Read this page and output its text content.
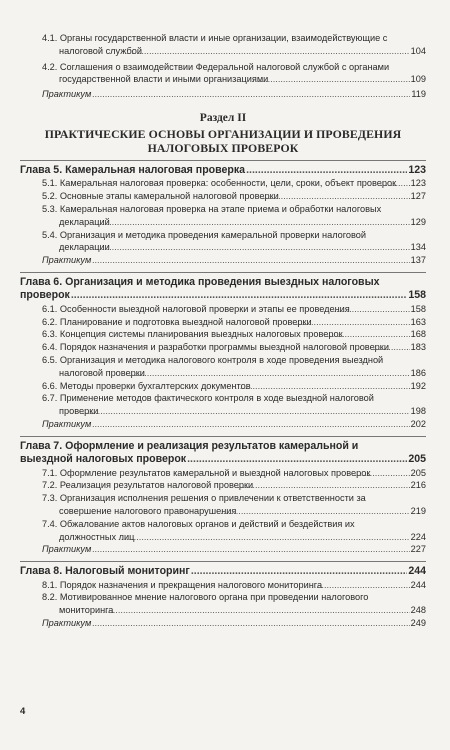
4.1. Органы государственной власти и иные организации, взаимодействующие с налоговой службой .....	104
4.2. Соглашения о взаимодействии Федеральной налоговой службой с органами государственной власти и иными организациями .....	109
Практикум .....	119
Раздел II
ПРАКТИЧЕСКИЕ ОСНОВЫ ОРГАНИЗАЦИИ И ПРОВЕДЕНИЯ НАЛОГОВЫХ ПРОВЕРОК
Глава 5. Камеральная налоговая проверка .....	123
5.1. Камеральная налоговая проверка: особенности, цели, сроки, объект проверок .....	123
5.2. Основные этапы камеральной налоговой проверки .....	127
5.3. Камеральная налоговая проверка на этапе приема и обработки налоговых деклараций .....	129
5.4. Организация и методика проведения камеральной проверки налоговой декларации .....	134
Практикум .....	137
Глава 6. Организация и методика проведения выездных налоговых проверок .....	158
6.1. Особенности выездной налоговой проверки и этапы ее проведения .....	158
6.2. Планирование и подготовка выездной налоговой проверки .....	163
6.3. Концепция системы планирования выездных налоговых проверок .....	168
6.4. Порядок назначения и разработки программы выездной налоговой проверки .....	183
6.5. Организация и методика налогового контроля в ходе проведения выездной налоговой проверки .....	186
6.6. Методы проверки бухгалтерских документов .....	192
6.7. Применение методов фактического контроля в ходе выездной налоговой проверки .....	198
Практикум .....	202
Глава 7. Оформление и реализация результатов камеральной и выездной налоговых проверок .....	205
7.1. Оформление результатов камеральной и выездной налоговых проверок .....	205
7.2. Реализация результатов налоговой проверки .....	216
7.3. Организация исполнения решения о привлечении к ответственности за совершение налогового правонарушения .....	219
7.4. Обжалование актов налоговых органов и действий и бездействия их должностных лиц .....	224
Практикум .....	227
Глава 8. Налоговый мониторинг .....	244
8.1. Порядок назначения и прекращения налогового мониторинга .....	244
8.2. Мотивированное мнение налогового органа при проведении налогового мониторинга .....	248
Практикум .....	249
4
